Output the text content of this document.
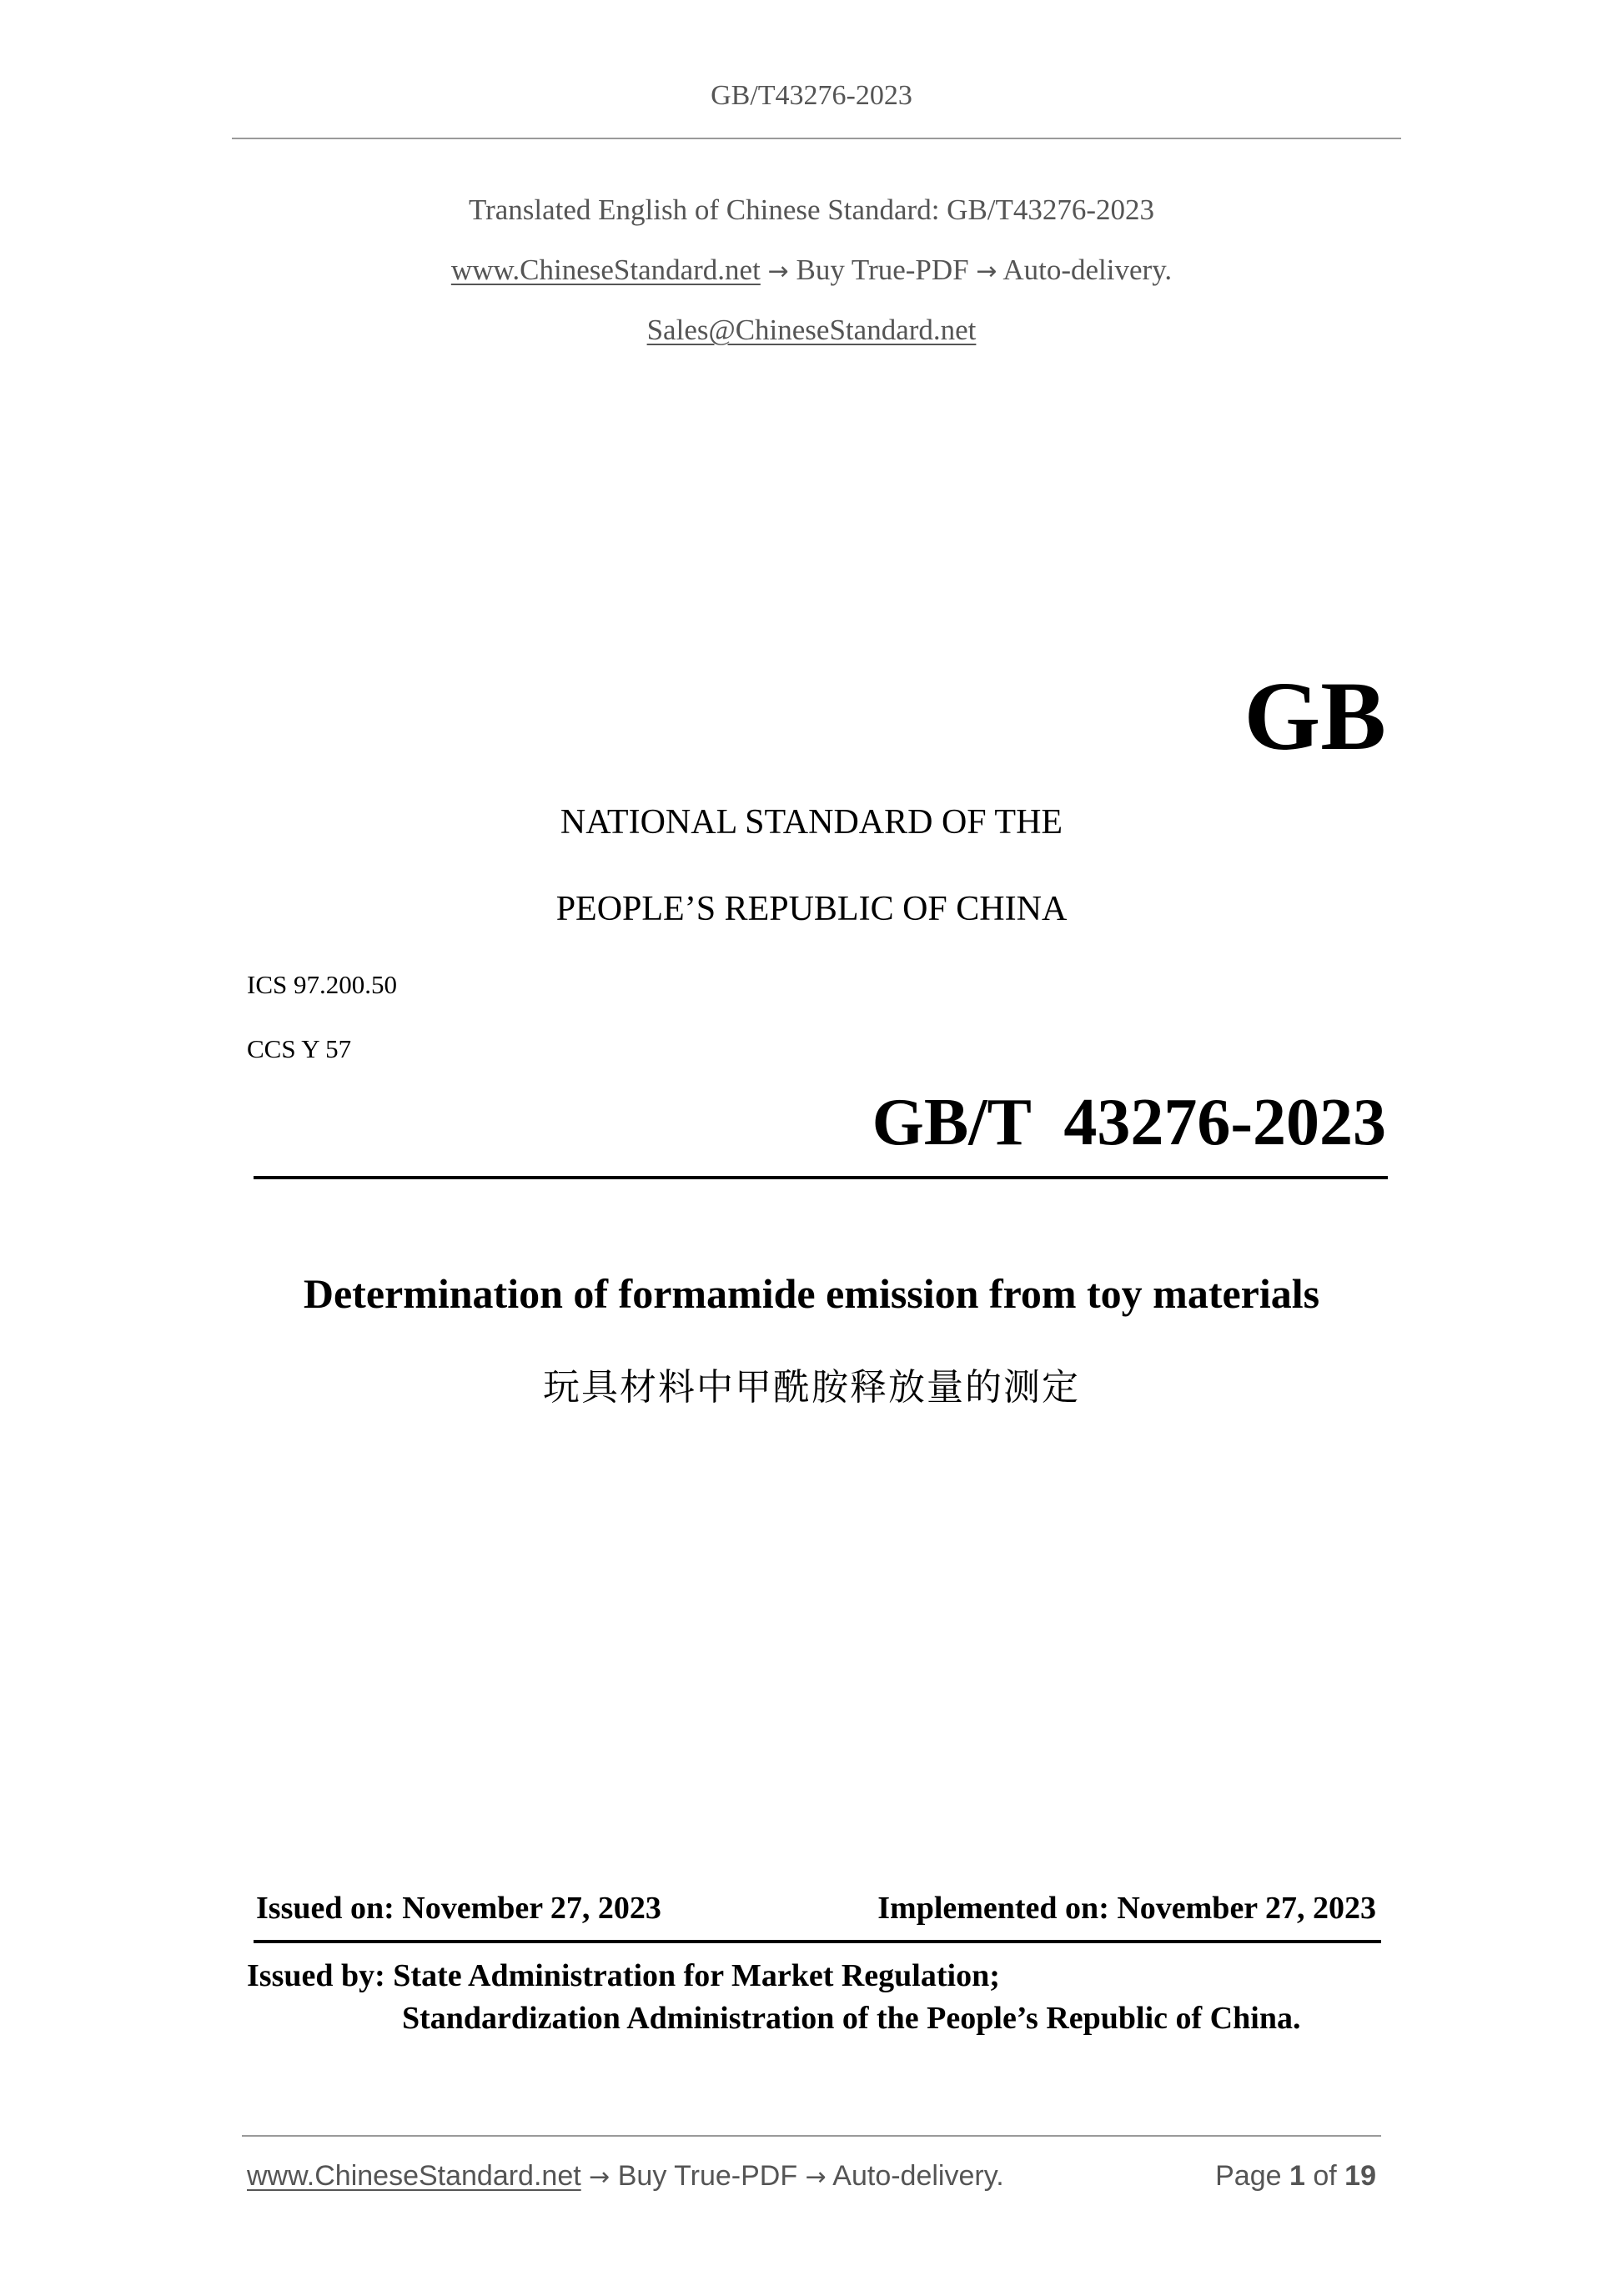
GB/T43276-2023
Translated English of Chinese Standard: GB/T43276-2023
www.ChineseStandard.net → Buy True-PDF → Auto-delivery.
Sales@ChineseStandard.net
GB
NATIONAL STANDARD OF THE
PEOPLE’S REPUBLIC OF CHINA
ICS 97.200.50
CCS Y 57
GB/T  43276-2023
Determination of formamide emission from toy materials
玩具材料中甲酰胺释放量的测定
Issued on: November 27, 2023	Implemented on: November 27, 2023
Issued by: State Administration for Market Regulation;
Standardization Administration of the People’s Republic of China.
www.ChineseStandard.net → Buy True-PDF → Auto-delivery.	Page 1 of 19
